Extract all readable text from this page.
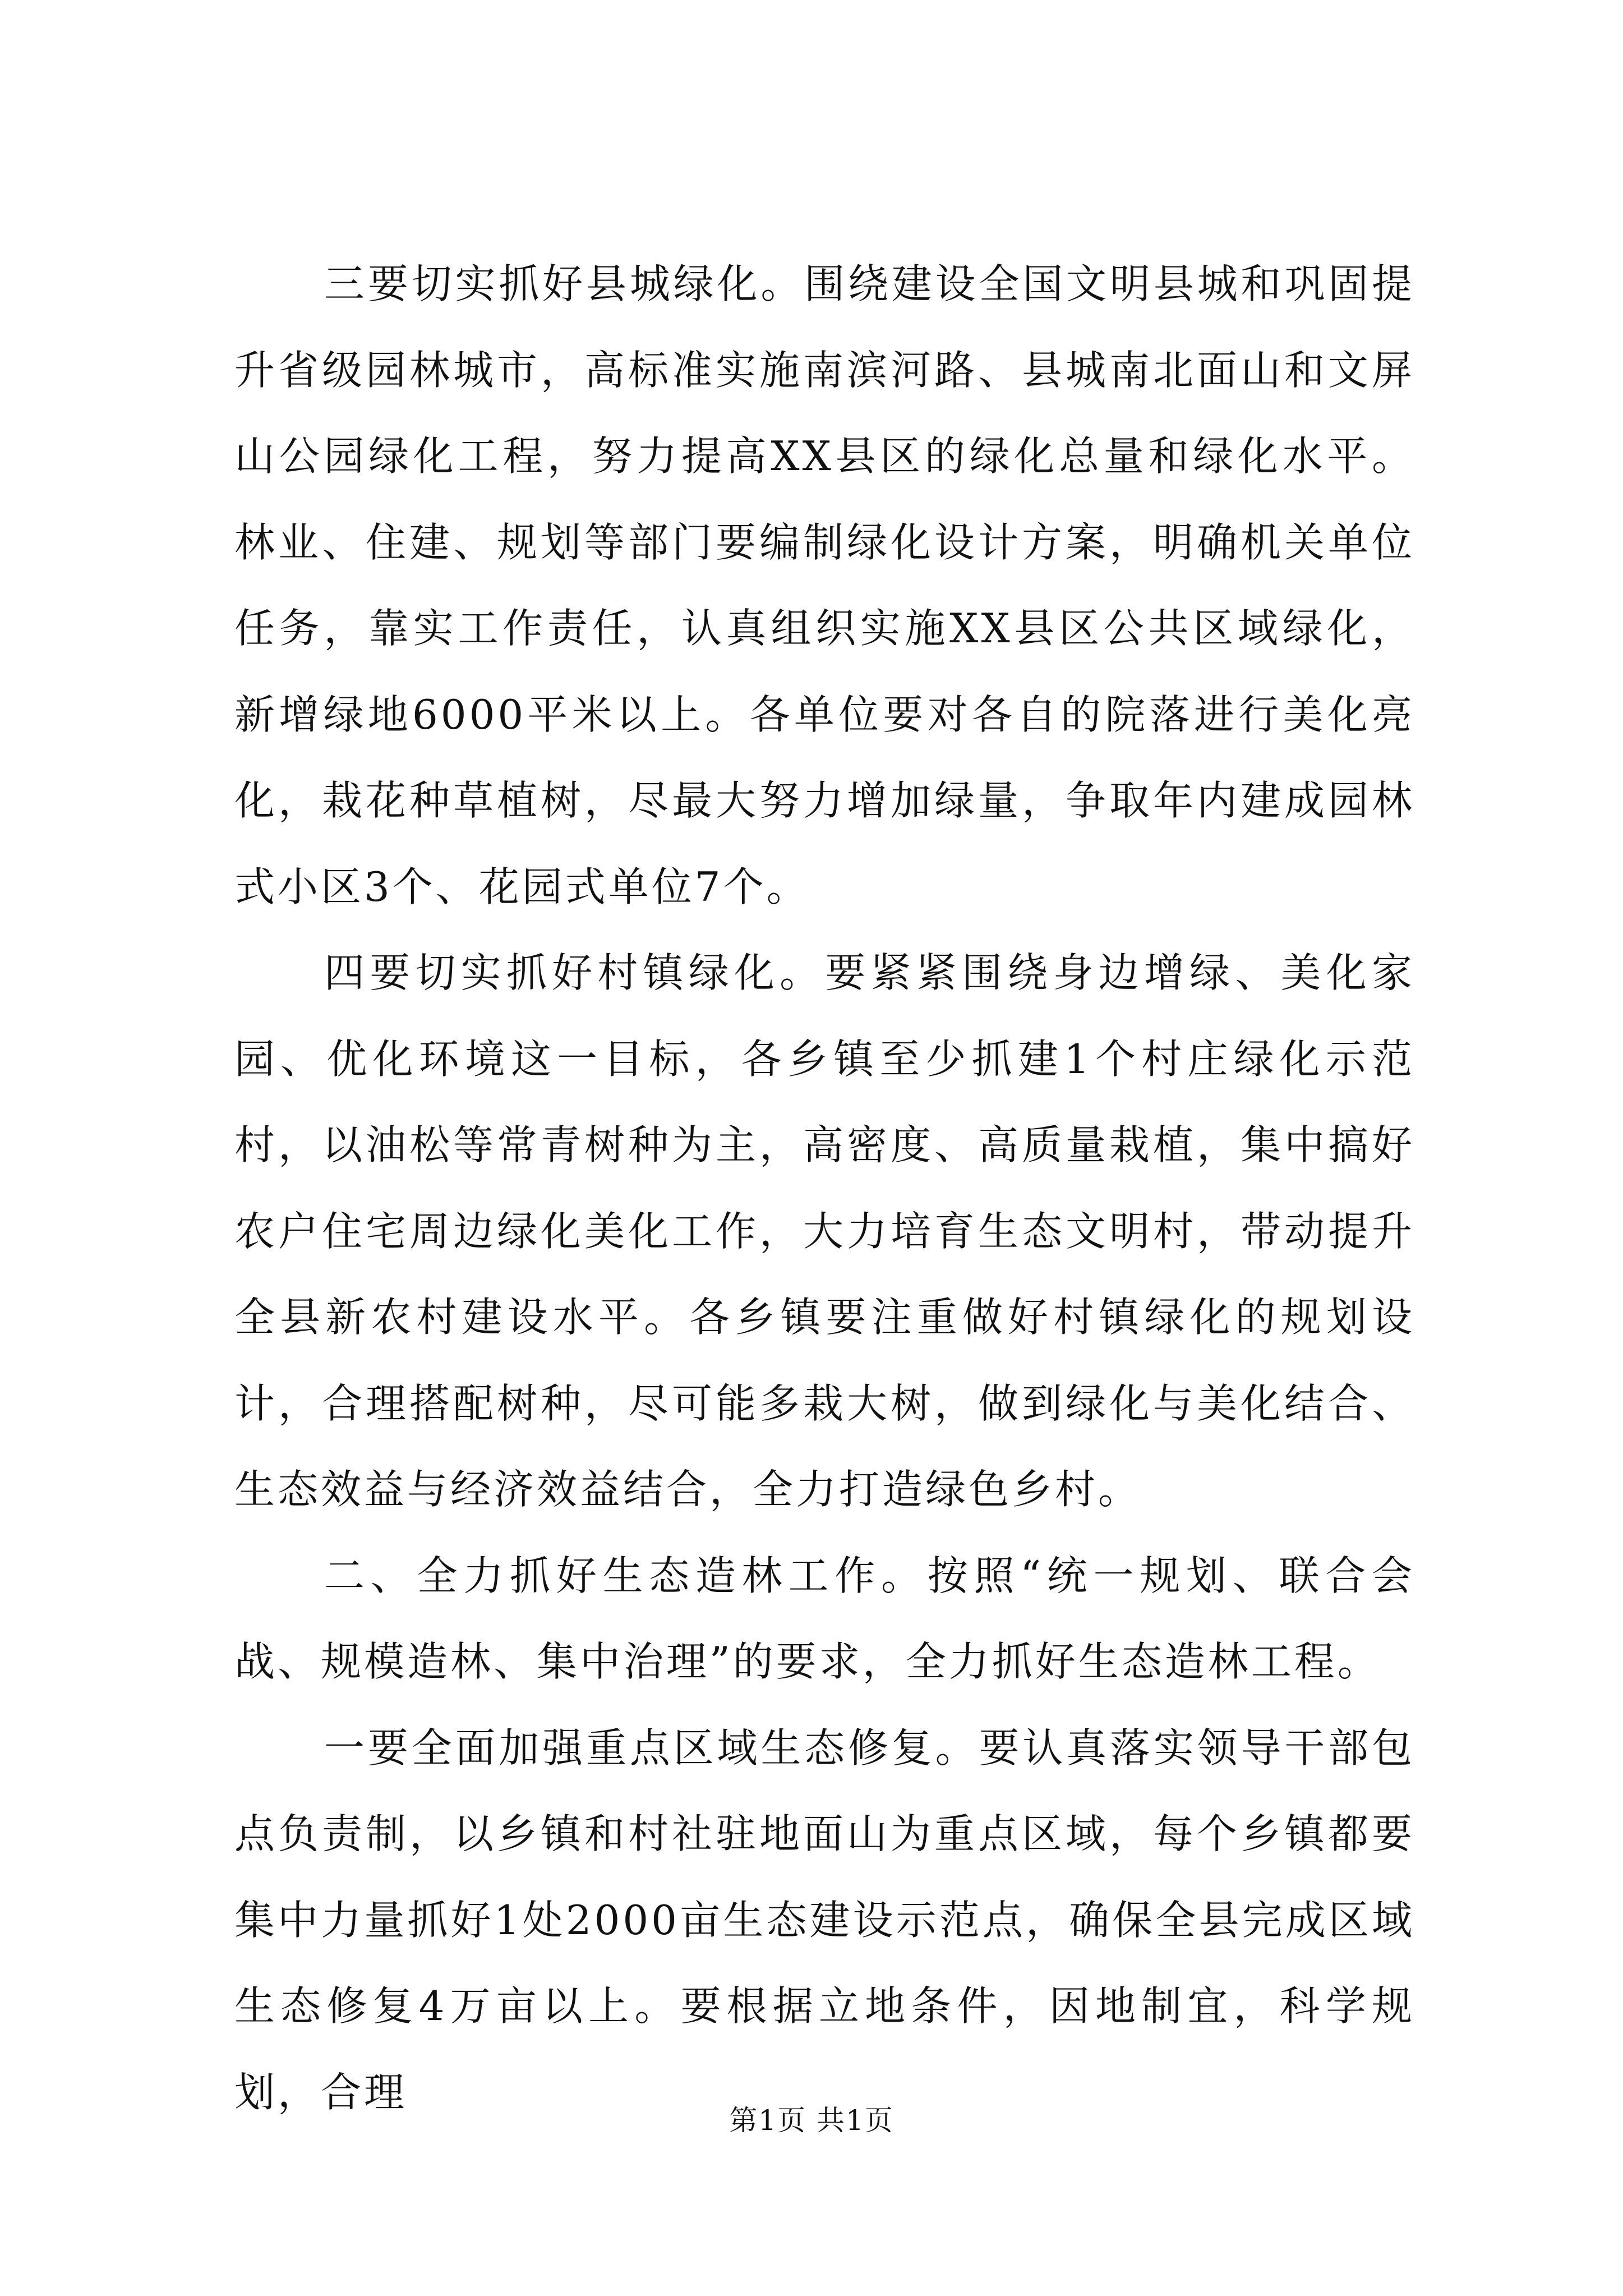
三要切实抓好县城绿化。围绕建设全国文明县城和巩固提升省级园林城市，高标准实施南滨河路、县城南北面山和文屏山公园绿化工程，努力提高XX县区的绿化总量和绿化水平。林业、住建、规划等部门要编制绿化设计方案，明确机关单位任务，靠实工作责任，认真组织实施XX县区公共区域绿化，新增绿地6000平米以上。各单位要对各自的院落进行美化亮化，栽花种草植树，尽最大努力增加绿量，争取年内建成园林式小区3个、花园式单位7个。

四要切实抓好村镇绿化。要紧紧围绕身边增绿、美化家园、优化环境这一目标，各乡镇至少抓建1个村庄绿化示范村，以油松等常青树种为主，高密度、高质量栽植，集中搞好农户住宅周边绿化美化工作，大力培育生态文明村，带动提升全县新农村建设水平。各乡镇要注重做好村镇绿化的规划设计，合理搭配树种，尽可能多栽大树，做到绿化与美化结合、生态效益与经济效益结合，全力打造绿色乡村。

二、全力抓好生态造林工作。按照“统一规划、联合会战、规模造林、集中治理”的要求，全力抓好生态造林工程。

一要全面加强重点区域生态修复。要认真落实领导干部包点负责制，以乡镇和村社驻地面山为重点区域，每个乡镇都要集中力量抓好1处2000亩生态建设示范点，确保全县完成区域生态修复4万亩以上。要根据立地条件，因地制宜，科学规划，合理

第1页 共1页
